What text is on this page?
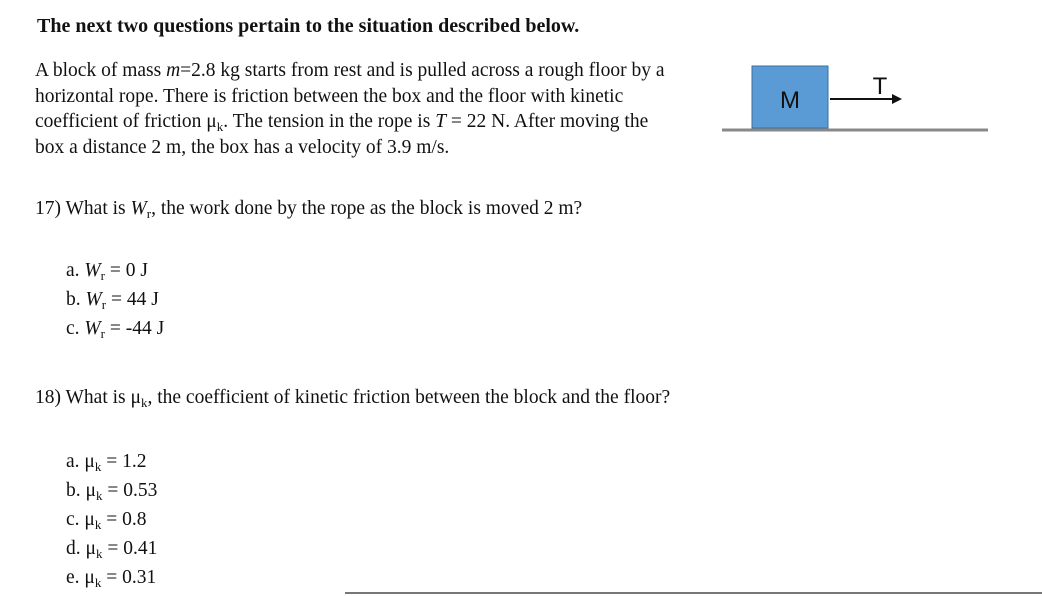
The next two questions pertain to the situation described below.
A block of mass m=2.8 kg starts from rest and is pulled across a rough floor by a
horizontal rope. There is friction between the box and the floor with kinetic
coefficient of friction $\mu_k$. The tension in the rope is T = 22 N. After moving the
box a distance 2 m, the box has a velocity of 3.9 m/s.
M
T
17) What is $W_r$, the work done by the rope as the block is moved 2 m?
a. $W_r = 0$ J
b. $W_r = 44$ J
c. $W_r = -44$ J
18) What is $\mu_k$, the coefficient of kinetic friction between the block and the floor?
a. $\mu_k = 1.2$
b. $\mu_k = 0.53$
c. $\mu_k = 0.8$
d. $\mu_k = 0.41$
e. $\mu_k = 0.31$
